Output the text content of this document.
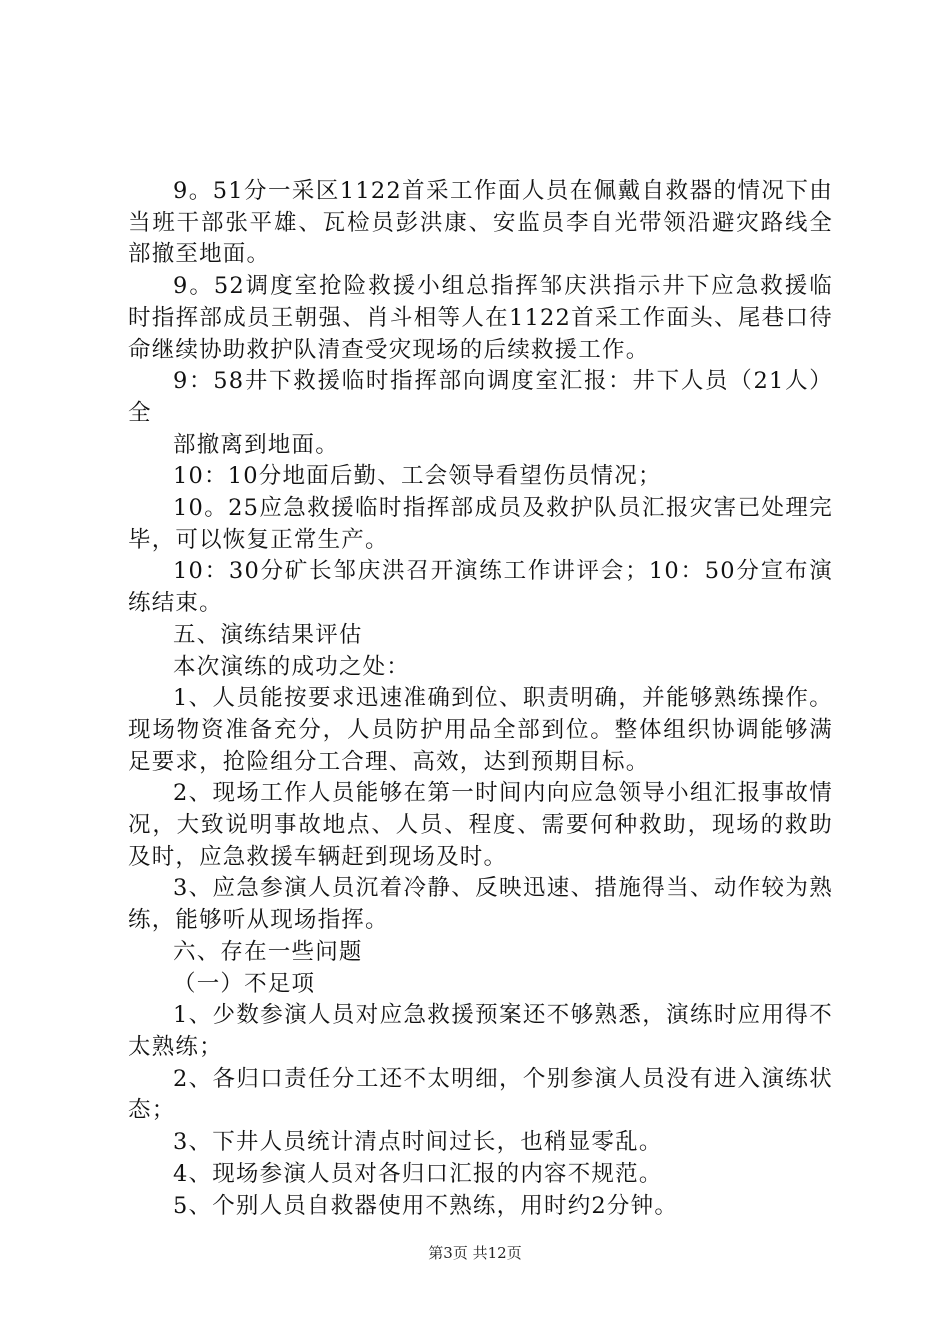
9。51分一采区1122首采工作面人员在佩戴自救器的情况下由当班干部张平雄、瓦检员彭洪康、安监员李自光带领沿避灾路线全部撤至地面。

9。52调度室抢险救援小组总指挥邹庆洪指示井下应急救援临时指挥部成员王朝强、肖斗相等人在1122首采工作面头、尾巷口待命继续协助救护队清查受灾现场的后续救援工作。

9：58井下救援临时指挥部向调度室汇报：井下人员（21人）全

部撤离到地面。

10：10分地面后勤、工会领导看望伤员情况；

10。25应急救援临时指挥部成员及救护队员汇报灾害已处理完毕，可以恢复正常生产。

10：30分矿长邹庆洪召开演练工作讲评会；10：50分宣布演练结束。

五、演练结果评估

本次演练的成功之处：

1、人员能按要求迅速准确到位、职责明确，并能够熟练操作。现场物资准备充分，人员防护用品全部到位。整体组织协调能够满足要求，抢险组分工合理、高效，达到预期目标。

2、现场工作人员能够在第一时间内向应急领导小组汇报事故情况，大致说明事故地点、人员、程度、需要何种救助，现场的救助及时，应急救援车辆赶到现场及时。

3、应急参演人员沉着冷静、反映迅速、措施得当、动作较为熟练，能够听从现场指挥。

六、存在一些问题

（一）不足项

1、少数参演人员对应急救援预案还不够熟悉，演练时应用得不太熟练；

2、各归口责任分工还不太明细，个别参演人员没有进入演练状态；

3、下井人员统计清点时间过长，也稍显零乱。

4、现场参演人员对各归口汇报的内容不规范。

5、个别人员自救器使用不熟练，用时约2分钟。

第3页 共12页
